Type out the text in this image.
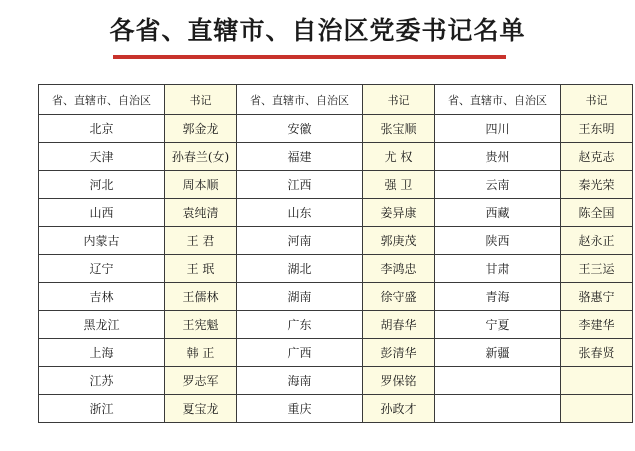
各省、直辖市、自治区党委书记名单
省、直辖市、自治区	书记	省、直辖市、自治区	书记	省、直辖市、自治区	书记
北京	郭金龙	安徽	张宝顺	四川	王东明
天津	孙春兰(女)	福建	尤 权	贵州	赵克志
河北	周本顺	江西	强 卫	云南	秦光荣
山西	袁纯清	山东	姜异康	西藏	陈全国
内蒙古	王 君	河南	郭庚茂	陕西	赵永正
辽宁	王 珉	湖北	李鸿忠	甘肃	王三运
吉林	王儒林	湖南	徐守盛	青海	骆惠宁
黑龙江	王宪魁	广东	胡春华	宁夏	李建华
上海	韩 正	广西	彭清华	新疆	张春贤
江苏	罗志军	海南	罗保铭		
浙江	夏宝龙	重庆	孙政才		
